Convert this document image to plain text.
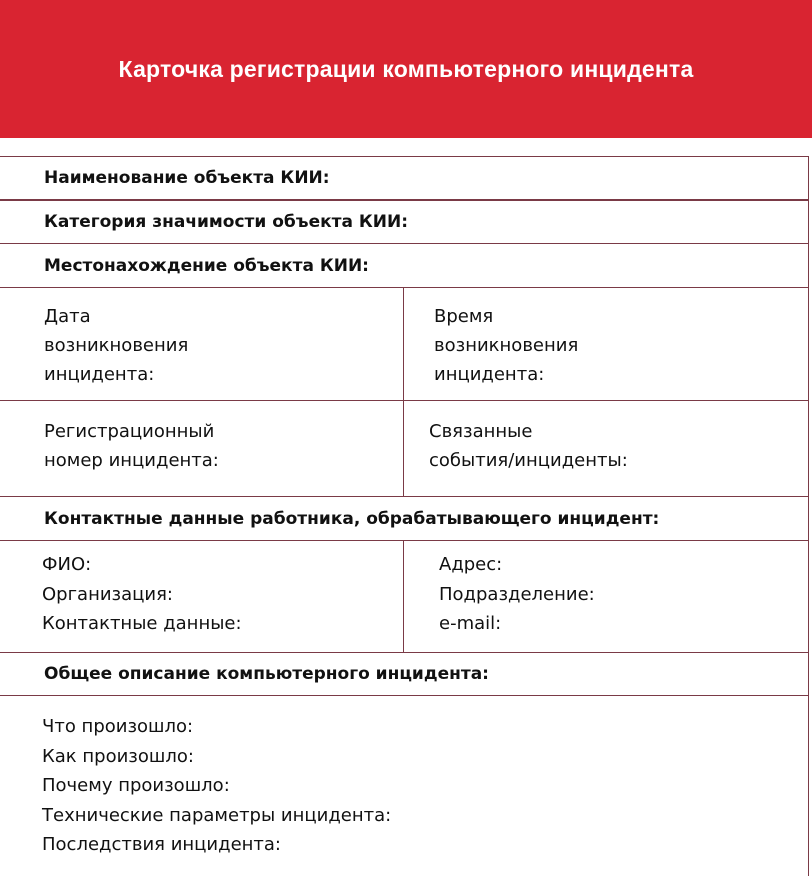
Карточка регистрации компьютерного инцидента
Наименование объекта КИИ:
Категория значимости объекта КИИ:
Местонахождение объекта КИИ:
Дата
возникновения
инцидента:
Время
возникновения
инцидента:
Регистрационный
номер инцидента:
Связанные
события/инциденты:
Контактные данные работника, обрабатывающего инцидент:
ФИО:
Организация:
Контактные данные:
Адрес:
Подразделение:
e-mail:
Общее описание компьютерного инцидента:
Что произошло:
Как произошло:
Почему произошло:
Технические параметры инцидента:
Последствия инцидента:
